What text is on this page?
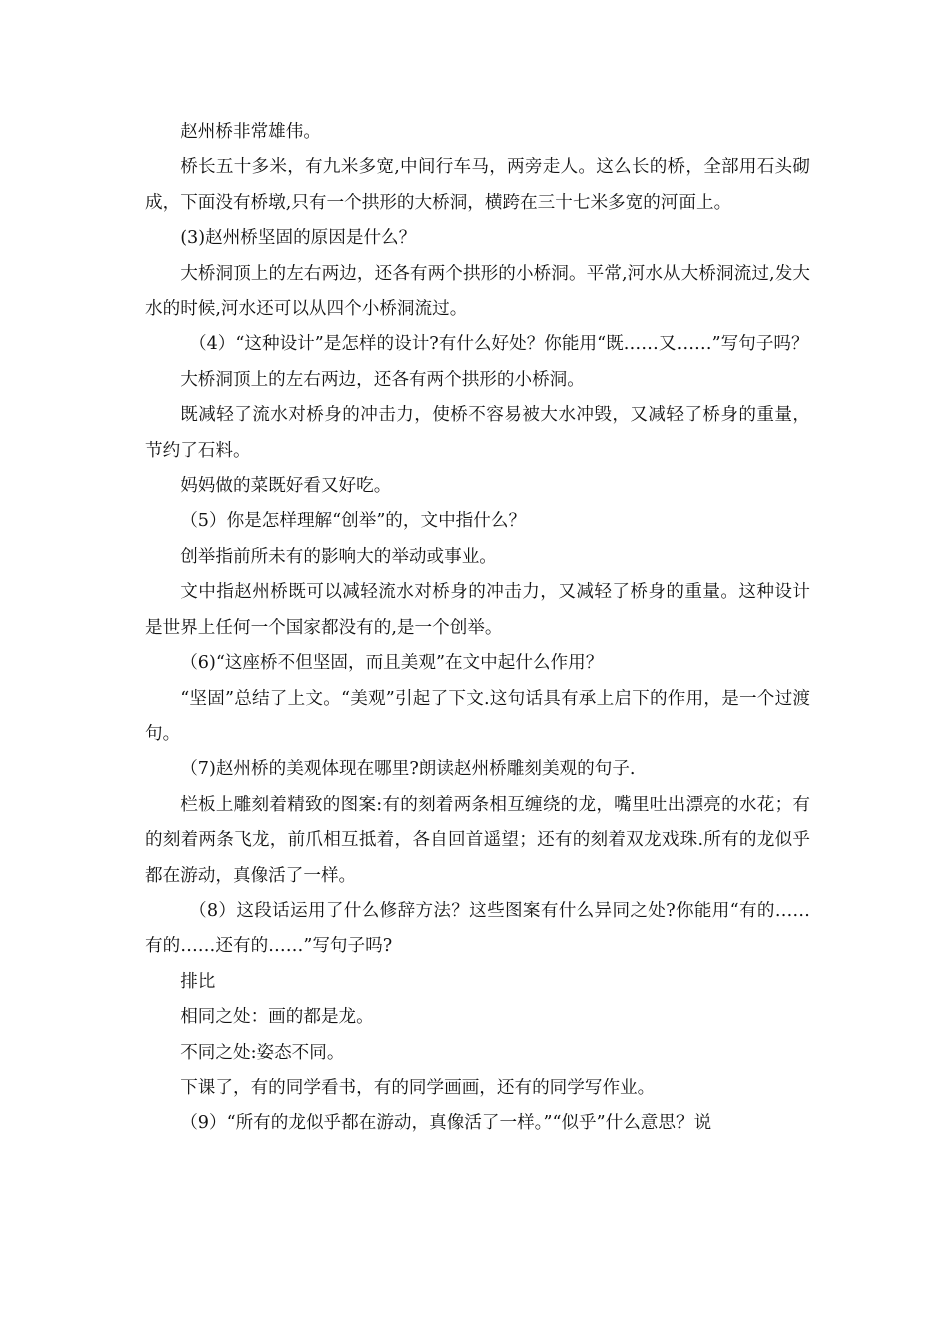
赵州桥非常雄伟。

桥长五十多米，有九米多宽,中间行车马，两旁走人。这么长的桥，全部用石头砌成，下面没有桥墩,只有一个拱形的大桥洞，横跨在三十七米多宽的河面上。

(3)赵州桥坚固的原因是什么？

大桥洞顶上的左右两边，还各有两个拱形的小桥洞。平常,河水从大桥洞流过,发大水的时候,河水还可以从四个小桥洞流过。

（4）“这种设计”是怎样的设计?有什么好处？你能用“既……又……”写句子吗？

大桥洞顶上的左右两边，还各有两个拱形的小桥洞。

既减轻了流水对桥身的冲击力，使桥不容易被大水冲毁，又减轻了桥身的重量，节约了石料。

妈妈做的菜既好看又好吃。

（5）你是怎样理解“创举”的，文中指什么？

创举指前所未有的影响大的举动或事业。

文中指赵州桥既可以减轻流水对桥身的冲击力，又减轻了桥身的重量。这种设计是世界上任何一个国家都没有的,是一个创举。

（6)“这座桥不但坚固，而且美观”在文中起什么作用？

“坚固”总结了上文。“美观”引起了下文.这句话具有承上启下的作用，是一个过渡句。

（7)赵州桥的美观体现在哪里?朗读赵州桥雕刻美观的句子.

栏板上雕刻着精致的图案:有的刻着两条相互缠绕的龙，嘴里吐出漂亮的水花；有的刻着两条飞龙，前爪相互抵着，各自回首遥望；还有的刻着双龙戏珠.所有的龙似乎都在游动，真像活了一样。

（8）这段话运用了什么修辞方法？这些图案有什么异同之处?你能用“有的……有的……还有的……”写句子吗?

排比

相同之处：画的都是龙。

不同之处:姿态不同。

下课了，有的同学看书，有的同学画画，还有的同学写作业。

（9）“所有的龙似乎都在游动，真像活了一样。”“似乎”什么意思？说
